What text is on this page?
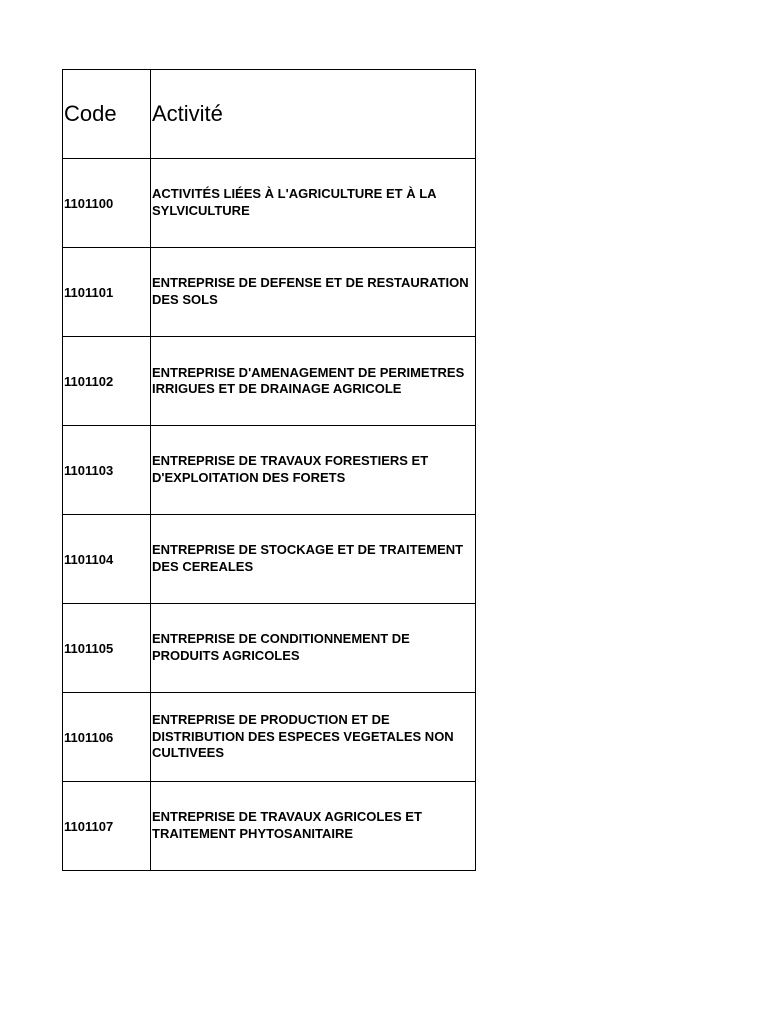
Code	Activité
1101100	ACTIVITÉS LIÉES À L'AGRICULTURE ET À LA SYLVICULTURE

1101101	ENTREPRISE DE DEFENSE ET DE RESTAURATION DES SOLS

1101102	ENTREPRISE D'AMENAGEMENT DE PERIMETRES IRRIGUES ET DE DRAINAGE AGRICOLE

1101103	ENTREPRISE DE TRAVAUX FORESTIERS ET D'EXPLOITATION DES FORETS

1101104	ENTREPRISE DE STOCKAGE ET DE TRAITEMENT DES CEREALES

1101105	ENTREPRISE DE CONDITIONNEMENT DE PRODUITS AGRICOLES

1101106	ENTREPRISE DE PRODUCTION ET DE DISTRIBUTION DES ESPECES VEGETALES NON CULTIVEES

1101107	ENTREPRISE DE TRAVAUX AGRICOLES ET TRAITEMENT PHYTOSANITAIRE
